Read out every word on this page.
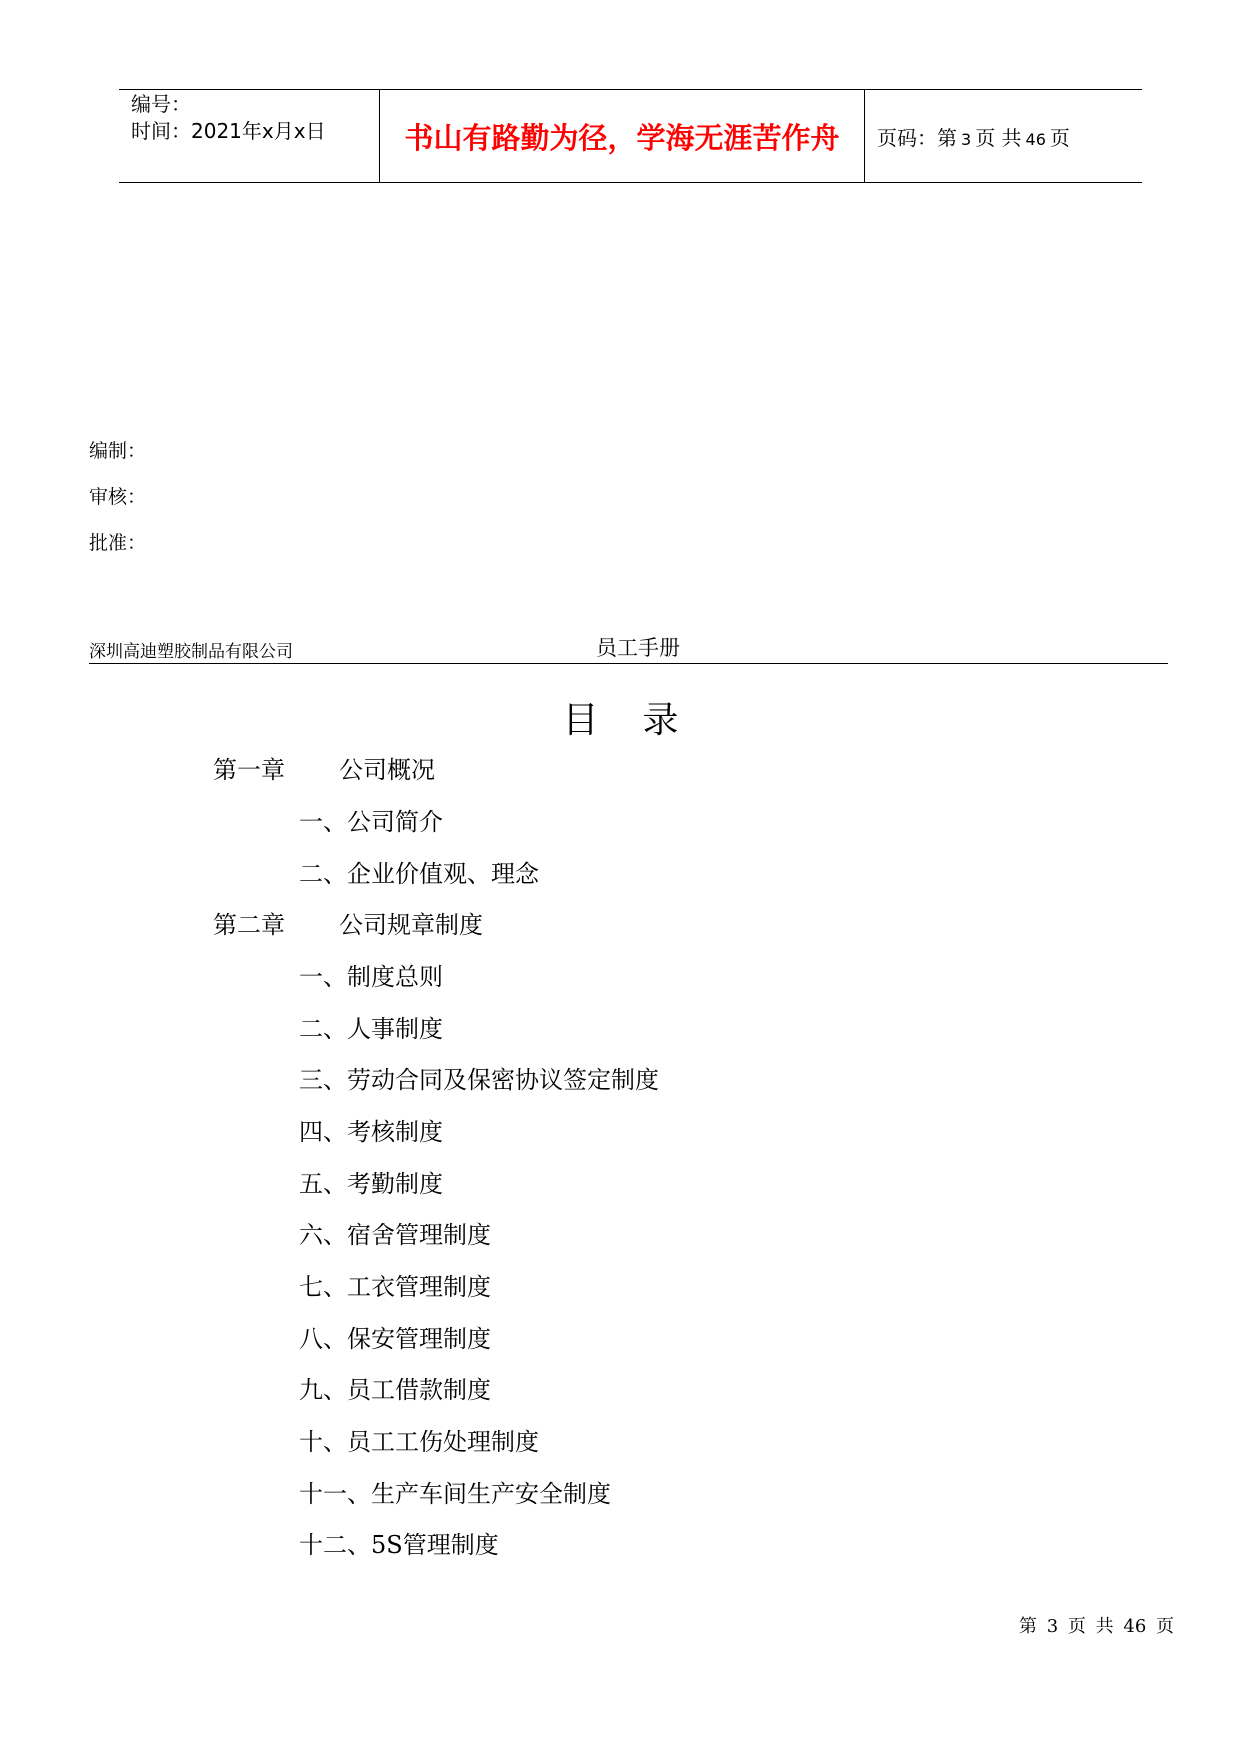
编号：
时间：2021年x月x日	书山有路勤为径，学海无涯苦作舟 页码：第 3 页 共 46 页
编制：
审核：
批准：
深圳高迪塑胶制品有限公司	员工手册
目录
第一章 公司概况
一、公司简介
二、企业价值观、理念
第二章 公司规章制度
一、制度总则
二、人事制度
三、劳动合同及保密协议签定制度
四、考核制度
五、考勤制度
六、宿舍管理制度
七、工衣管理制度
八、保安管理制度
九、员工借款制度
十、员工工伤处理制度
十一、生产车间生产安全制度
十二、5S管理制度
第 3 页 共 46 页
